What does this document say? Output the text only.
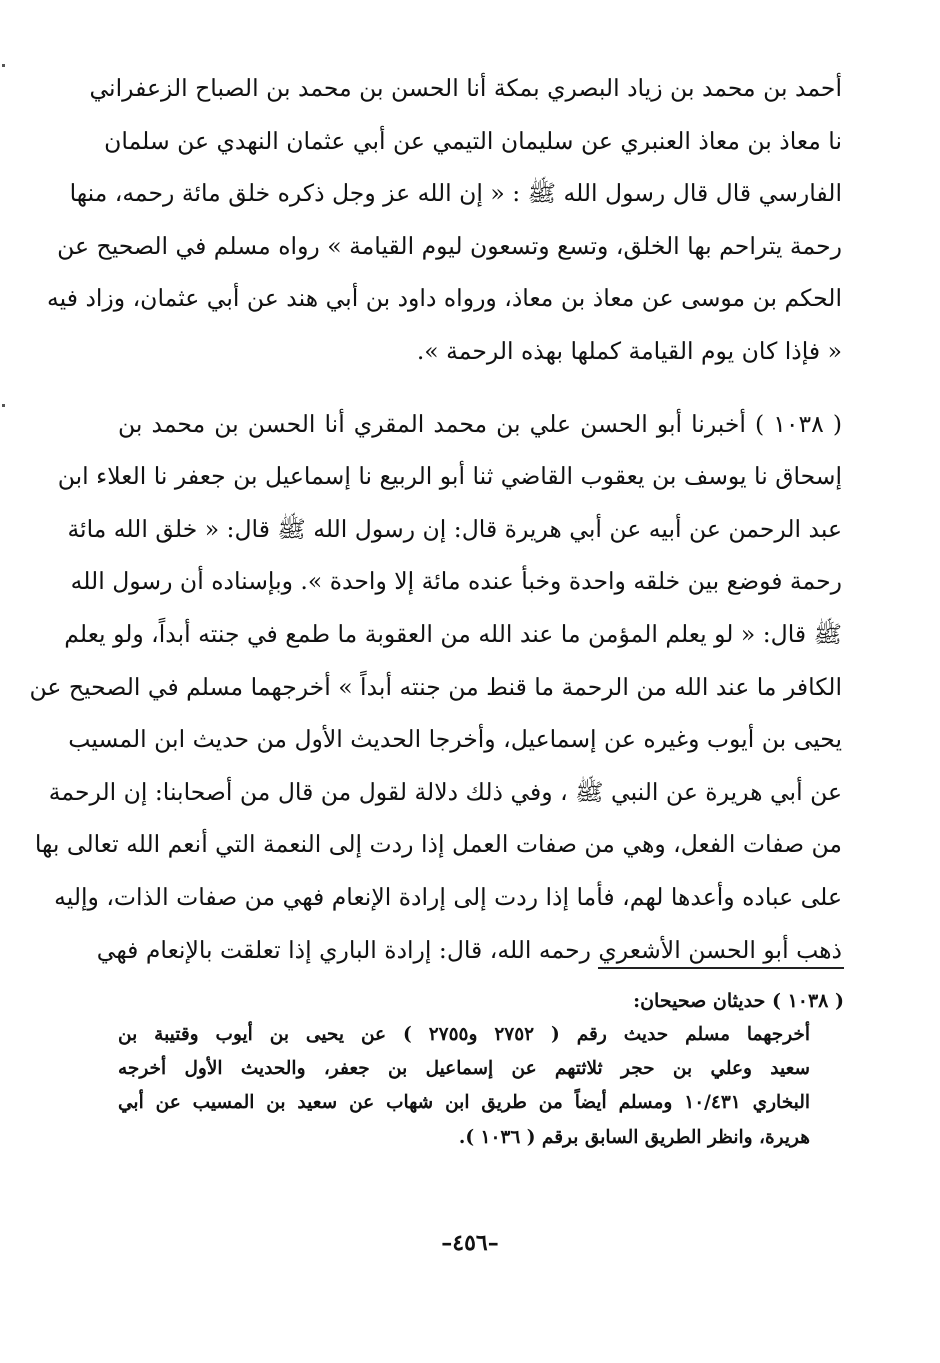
أحمد بن محمد بن زياد البصري بمكة أنا الحسن بن محمد بن الصباح الزعفراني
نا معاذ بن معاذ العنبري عن سليمان التيمي عن أبي عثمان النهدي عن سلمان
الفارسي قال قال رسول الله ﷺ : « إن الله عز وجل ذكره خلق مائة رحمه، منها
رحمة يتراحم بها الخلق، وتسع وتسعون ليوم القيامة » رواه مسلم في الصحيح عن
الحكم بن موسى عن معاذ بن معاذ، ورواه داود بن أبي هند عن أبي عثمان، وزاد فيه
« فإذا كان يوم القيامة كملها بهذه الرحمة ».
( ١٠٣٨ ) أخبرنا أبو الحسن علي بن محمد المقري أنا الحسن بن محمد بن
إسحاق نا يوسف بن يعقوب القاضي ثنا أبو الربيع نا إسماعيل بن جعفر نا العلاء ابن
عبد الرحمن عن أبيه عن أبي هريرة قال: إن رسول الله ﷺ قال: « خلق الله مائة
رحمة فوضع بين خلقه واحدة وخبأ عنده مائة إلا واحدة ». وبإسناده أن رسول الله
ﷺ قال: « لو يعلم المؤمن ما عند الله من العقوبة ما طمع في جنته أبداً، ولو يعلم
الكافر ما عند الله من الرحمة ما قنط من جنته أبداً » أخرجهما مسلم في الصحيح عن
يحيى بن أيوب وغيره عن إسماعيل، وأخرجا الحديث الأول من حديث ابن المسيب
عن أبي هريرة عن النبي ﷺ ، وفي ذلك دلالة لقول من قال من أصحابنا: إن الرحمة
من صفات الفعل، وهي من صفات العمل إذا ردت إلى النعمة التي أنعم الله تعالى بها
على عباده وأعدها لهم، فأما إذا ردت إلى إرادة الإنعام فهي من صفات الذات، وإليه
ذهب أبو الحسن الأشعري رحمه الله، قال: إرادة الباري إذا تعلقت بالإنعام فهي
( ١٠٣٨ ) حديثان صحيحان:
أخرجهما مسلم حديث رقم ( ٢٧٥٢ و٢٧٥٥ ) عن يحيى بن أيوب وقتيبة بن
سعيد وعلي بن حجر ثلاثتهم عن إسماعيل بن جعفر، والحديث الأول أخرجه
البخاري ١٠/٤٣١ ومسلم أيضاً من طريق ابن شهاب عن سعيد بن المسيب عن أبي
هريرة، وانظر الطريق السابق برقم ( ١٠٣٦ ).
–٤٥٦–
